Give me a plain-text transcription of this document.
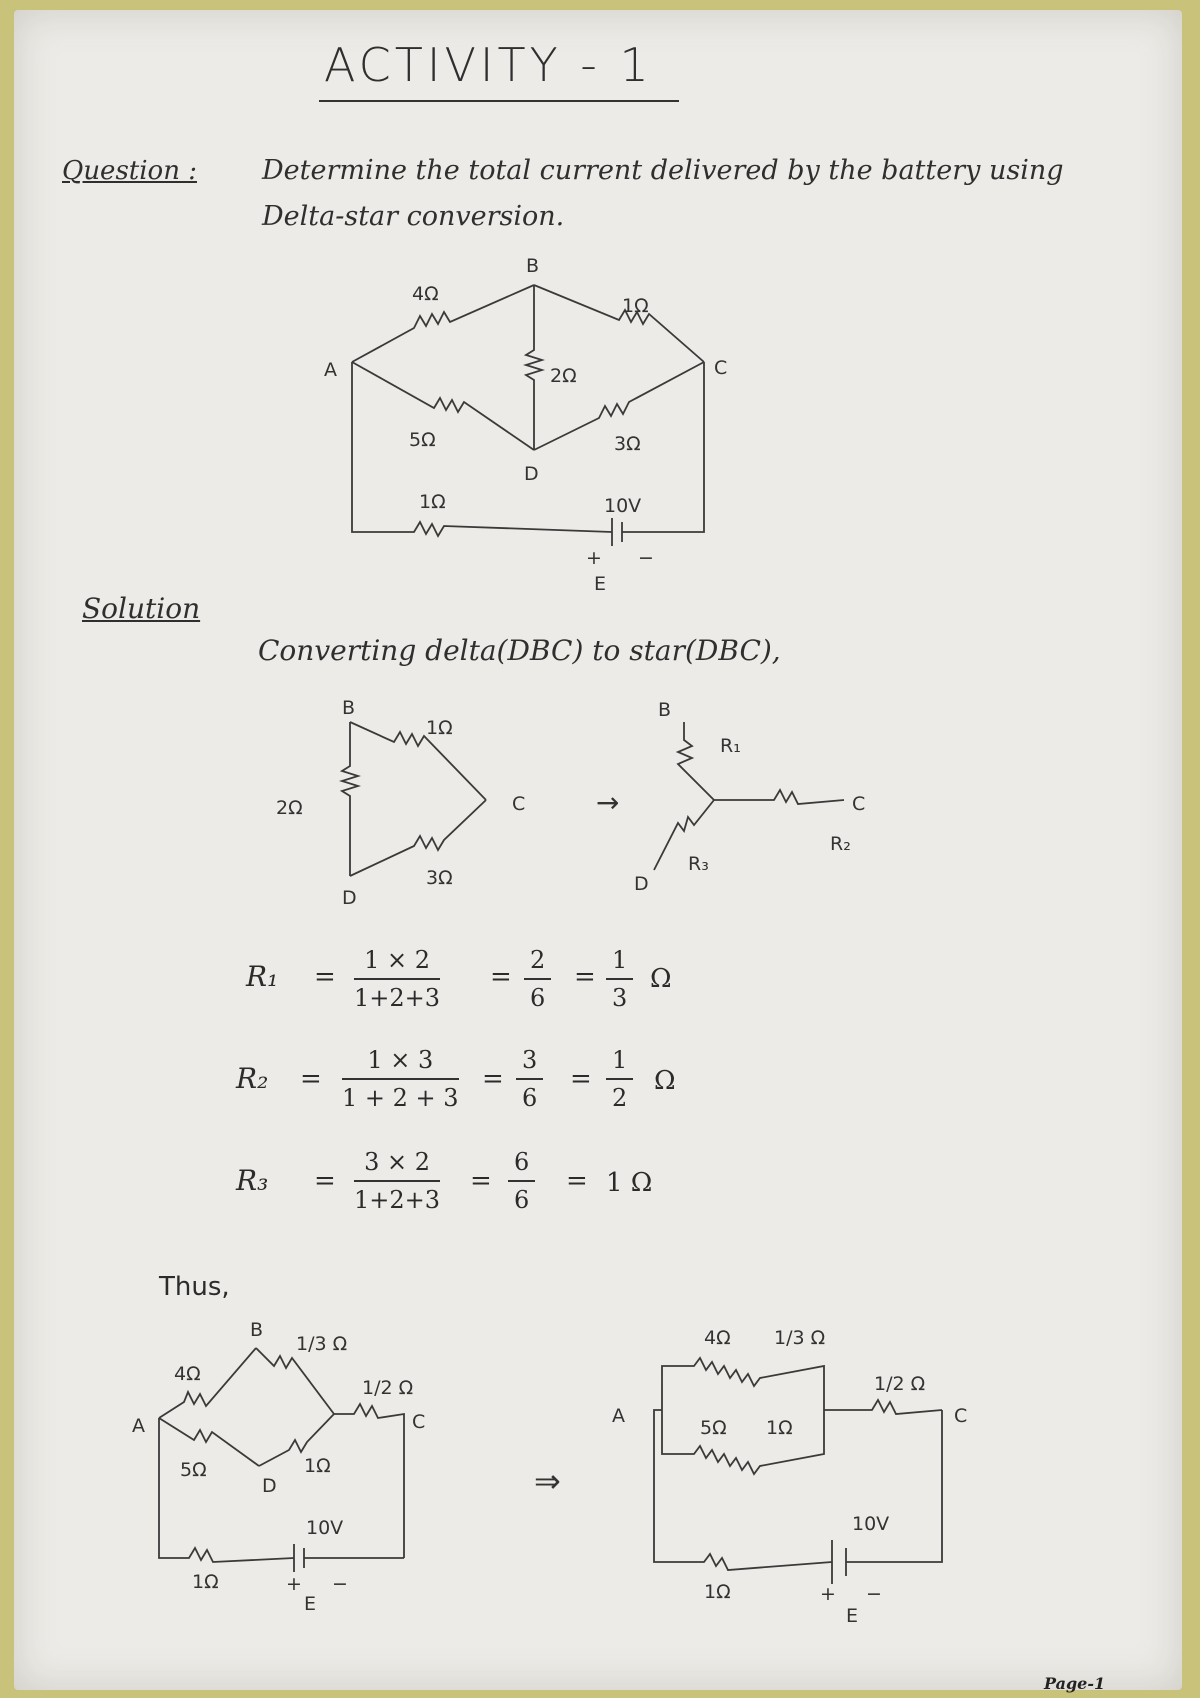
ACTIVITY - 1
Question : Determine the total current delivered by the battery using Delta-star conversion.
A
B
C
D
E
4Ω
1Ω
2Ω
5Ω	3Ω
1Ω	10V
+ −
Solution
Converting delta(DBC) to star(DBC),
B
C
D
1Ω
2Ω
3Ω
→
B
C
D
R₁
R₂
R₃
$R_1 = \frac{1 \times 2}{1+2+3} = \frac{2}{6} = \frac{1}{3}$ Ω
$R_2 = \frac{1 \times 3}{1 + 2 + 3} = \frac{3}{6} = \frac{1}{2}$ Ω
$R_3 = \frac{3 \times 2}{1+2+3} = \frac{6}{6} = 1$ Ω
Thus,
A
B
C
D
E
4Ω
1/3 Ω
1/2 Ω
5Ω	1Ω
1Ω
10V
+ −
⇒
A	C
E
4Ω 1/3 Ω
5Ω 1Ω
1/2 Ω
1Ω
10V
+ −
Page-1
